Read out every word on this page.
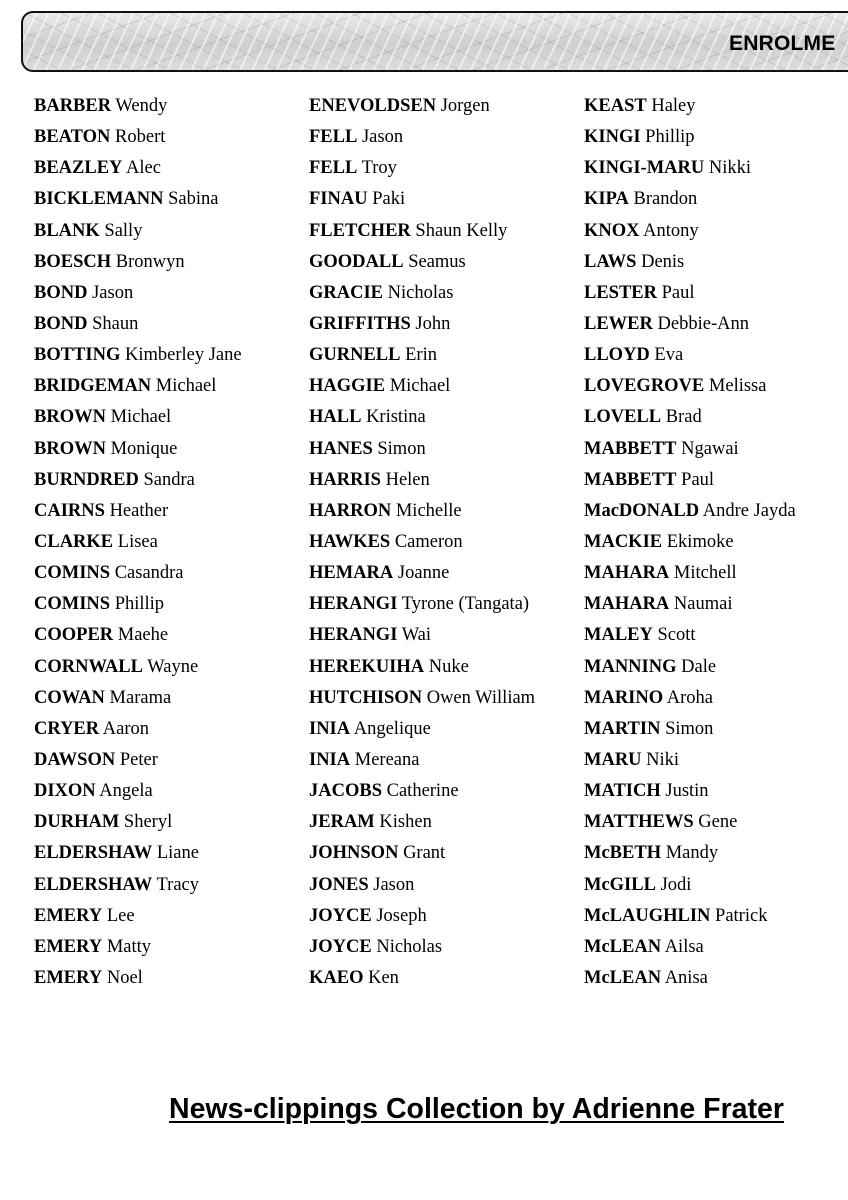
ENROLME
BARBER Wendy
BEATON Robert
BEAZLEY Alec
BICKLEMANN Sabina
BLANK Sally
BOESCH Bronwyn
BOND Jason
BOND Shaun
BOTTING Kimberley Jane
BRIDGEMAN Michael
BROWN Michael
BROWN Monique
BURNDRED Sandra
CAIRNS Heather
CLARKE Lisea
COMINS Casandra
COMINS Phillip
COOPER Maehe
CORNWALL Wayne
COWAN Marama
CRYER Aaron
DAWSON Peter
DIXON Angela
DURHAM Sheryl
ELDERSHAW Liane
ELDERSHAW Tracy
EMERY Lee
EMERY Matty
EMERY Noel
ENEVOLDSEN Jorgen
FELL Jason
FELL Troy
FINAU Paki
FLETCHER Shaun Kelly
GOODALL Seamus
GRACIE Nicholas
GRIFFITHS John
GURNELL Erin
HAGGIE Michael
HALL Kristina
HANES Simon
HARRIS Helen
HARRON Michelle
HAWKES Cameron
HEMARA Joanne
HERANGI Tyrone (Tangata)
HERANGI Wai
HEREKUIHA Nuke
HUTCHISON Owen William
INIA Angelique
INIA Mereana
JACOBS Catherine
JERAM Kishen
JOHNSON Grant
JONES Jason
JOYCE Joseph
JOYCE Nicholas
KAEO Ken
KEAST Haley
KINGI Phillip
KINGI-MARU Nikki
KIPA Brandon
KNOX Antony
LAWS Denis
LESTER Paul
LEWER Debbie-Ann
LLOYD Eva
LOVEGROVE Melissa
LOVELL Brad
MABBETT Ngawai
MABBETT Paul
MacDONALD Andre Jayda
MACKIE Ekimoke
MAHARA Mitchell
MAHARA Naumai
MALEY Scott
MANNING Dale
MARINO Aroha
MARTIN Simon
MARU Niki
MATICH Justin
MATTHEWS Gene
McBETH Mandy
McGILL Jodi
McLAUGHLIN Patrick
McLEAN Ailsa
McLEAN Anisa
News-clippings Collection by Adrienne Frater
